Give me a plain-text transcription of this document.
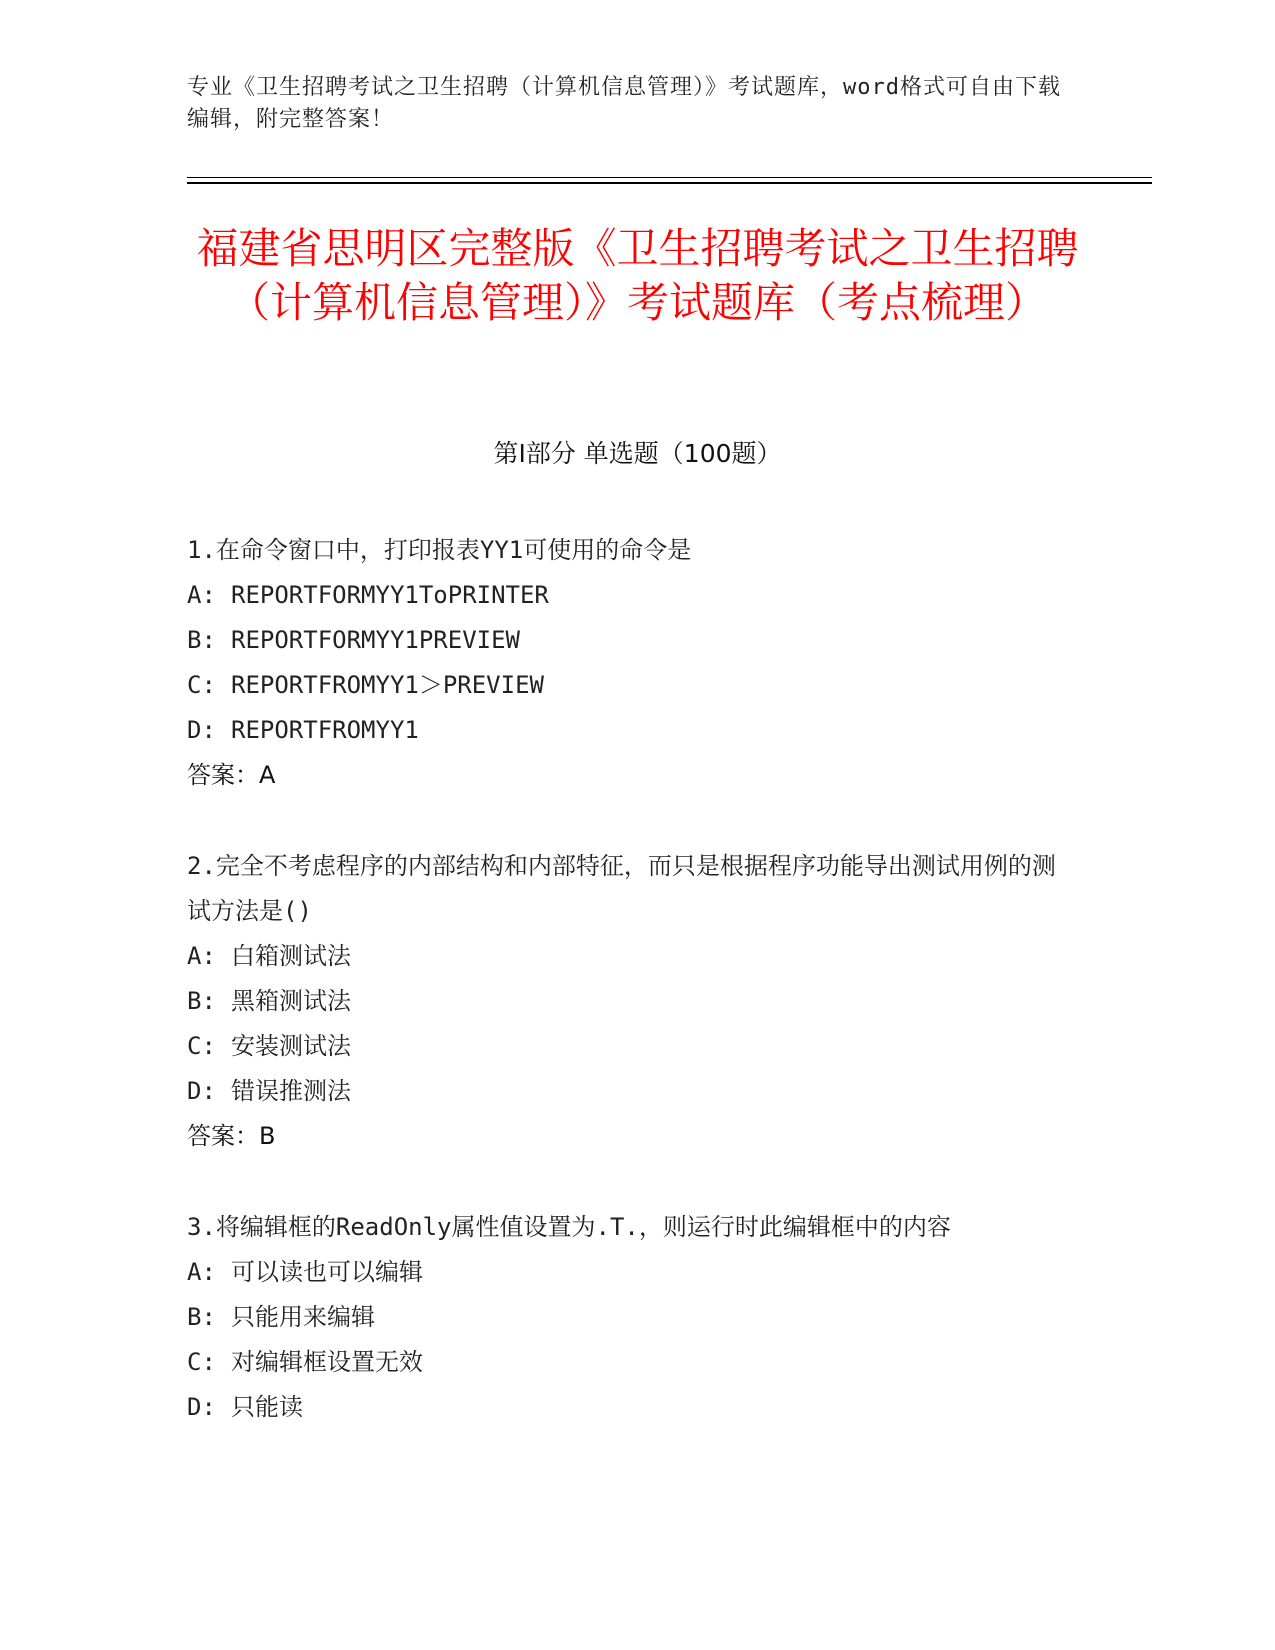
专业《卫生招聘考试之卫生招聘（计算机信息管理）》考试题库，word格式可自由下载编辑，附完整答案！
福建省思明区完整版《卫生招聘考试之卫生招聘（计算机信息管理）》考试题库（考点梳理）
第Ⅰ部分 单选题（100题）

1.在命令窗口中，打印报表YY1可使用的命令是

A: REPORTFORMYY1ToPRINTER

B: REPORTFORMYY1PREVIEW

C: REPORTFROMYY1＞PREVIEW

D: REPORTFROMYY1

答案：A

2.完全不考虑程序的内部结构和内部特征，而只是根据程序功能导出测试用例的测试方法是()

A: 白箱测试法

B: 黑箱测试法

C: 安装测试法

D: 错误推测法

答案：B

3.将编辑框的ReadOnly属性值设置为.T.，则运行时此编辑框中的内容

A: 可以读也可以编辑

B: 只能用来编辑

C: 对编辑框设置无效

D: 只能读
